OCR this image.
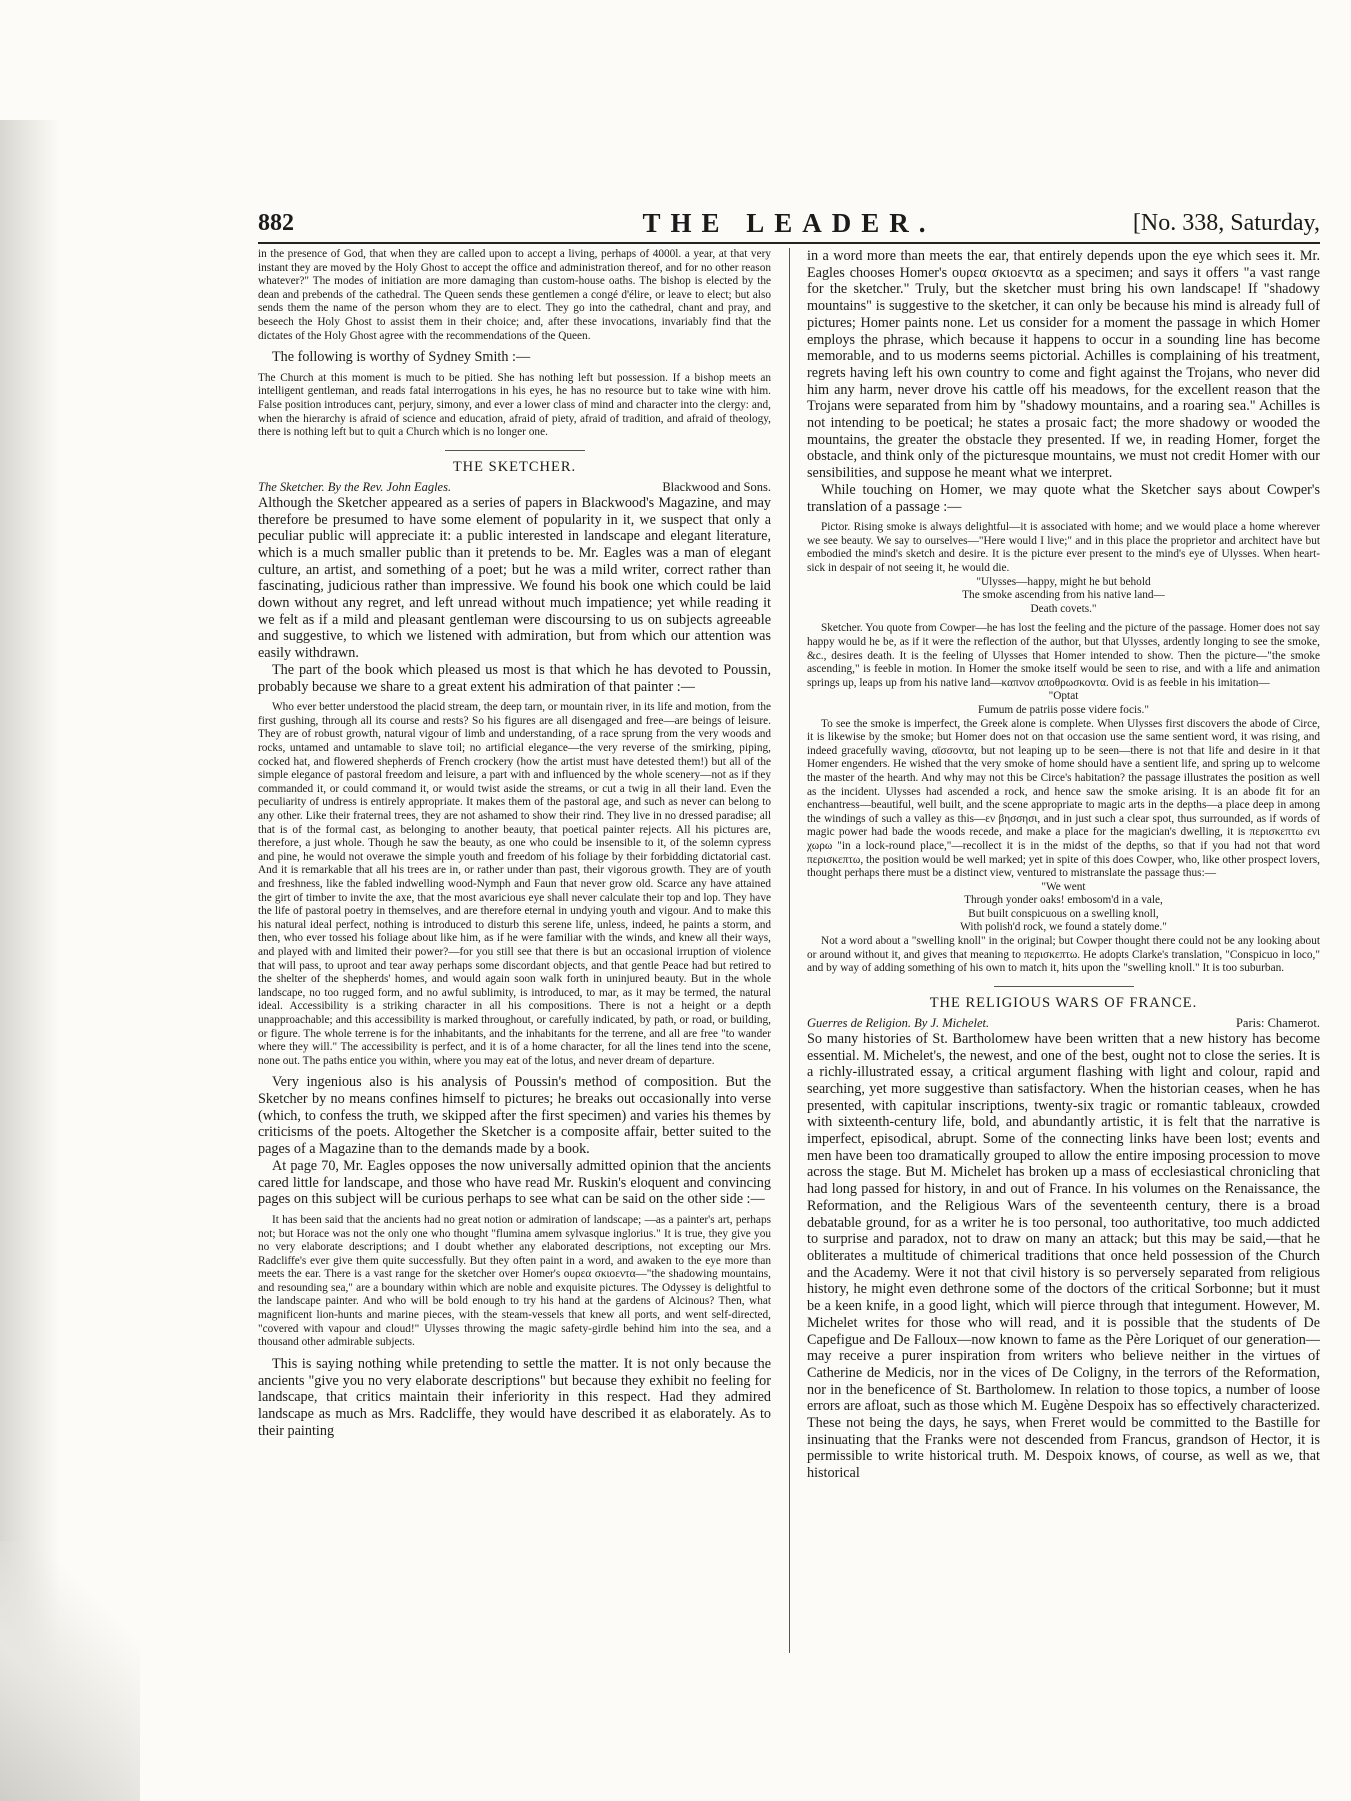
882	THE LEADER.	[No. 338, Saturday,

in the presence of God, that when they are called upon to accept a living, perhaps of 4000l. a year, at that very instant they are moved by the Holy Ghost to accept the office and administration thereof, and for no other reason whatever?" The modes of initiation are more damaging than custom-house oaths. The bishop is elected by the dean and prebends of the cathedral. The Queen sends these gentlemen a congé d'élire, or leave to elect; but also sends them the name of the person whom they are to elect. They go into the cathedral, chant and pray, and beseech the Holy Ghost to assist them in their choice; and, after these invocations, invariably find that the dictates of the Holy Ghost agree with the recommendations of the Queen.

The following is worthy of Sydney Smith :—

The Church at this moment is much to be pitied. She has nothing left but possession. If a bishop meets an intelligent gentleman, and reads fatal interrogations in his eyes, he has no resource but to take wine with him. False position introduces cant, perjury, simony, and ever a lower class of mind and character into the clergy: and, when the hierarchy is afraid of science and education, afraid of piety, afraid of tradition, and afraid of theology, there is nothing left but to quit a Church which is no longer one.

THE SKETCHER.
The Sketcher. By the Rev. John Eagles.	Blackwood and Sons.

Although the Sketcher appeared as a series of papers in Blackwood's Magazine, and may therefore be presumed to have some element of popularity in it, we suspect that only a peculiar public will appreciate it: a public interested in landscape and elegant literature, which is a much smaller public than it pretends to be. Mr. Eagles was a man of elegant culture, an artist, and something of a poet; but he was a mild writer, correct rather than fascinating, judicious rather than impressive. We found his book one which could be laid down without any regret, and left unread without much impatience; yet while reading it we felt as if a mild and pleasant gentleman were discoursing to us on subjects agreeable and suggestive, to which we listened with admiration, but from which our attention was easily withdrawn.

The part of the book which pleased us most is that which he has devoted to Poussin, probably because we share to a great extent his admiration of that painter :—

Who ever better understood the placid stream, the deep tarn, or mountain river, in its life and motion, from the first gushing, through all its course and rests? So his figures are all disengaged and free—are beings of leisure. They are of robust growth, natural vigour of limb and understanding, of a race sprung from the very woods and rocks, untamed and untamable to slave toil; no artificial elegance—the very reverse of the smirking, piping, cocked hat, and flowered shepherds of French crockery (how the artist must have detested them!) but all of the simple elegance of pastoral freedom and leisure, a part with and influenced by the whole scenery—not as if they commanded it, or could command it, or would twist aside the streams, or cut a twig in all their land. Even the peculiarity of undress is entirely appropriate. It makes them of the pastoral age, and such as never can belong to any other. Like their fraternal trees, they are not ashamed to show their rind. They live in no dressed paradise; all that is of the formal cast, as belonging to another beauty, that poetical painter rejects. All his pictures are, therefore, a just whole. Though he saw the beauty, as one who could be insensible to it, of the solemn cypress and pine, he would not overawe the simple youth and freedom of his foliage by their forbidding dictatorial cast. And it is remarkable that all his trees are in, or rather under than past, their vigorous growth. They are of youth and freshness, like the fabled indwelling wood-Nymph and Faun that never grow old. Scarce any have attained the girt of timber to invite the axe, that the most avaricious eye shall never calculate their top and lop. They have the life of pastoral poetry in themselves, and are therefore eternal in undying youth and vigour. And to make this his natural ideal perfect, nothing is introduced to disturb this serene life, unless, indeed, he paints a storm, and then, who ever tossed his foliage about like him, as if he were familiar with the winds, and knew all their ways, and played with and limited their power?—for you still see that there is but an occasional irruption of violence that will pass, to uproot and tear away perhaps some discordant objects, and that gentle Peace had but retired to the shelter of the shepherds' homes, and would again soon walk forth in uninjured beauty. But in the whole landscape, no too rugged form, and no awful sublimity, is introduced, to mar, as it may be termed, the natural ideal. Accessibility is a striking character in all his compositions. There is not a height or a depth unapproachable; and this accessibility is marked throughout, or carefully indicated, by path, or road, or building, or figure. The whole terrene is for the inhabitants, and the inhabitants for the terrene, and all are free "to wander where they will." The accessibility is perfect, and it is of a home character, for all the lines tend into the scene, none out. The paths entice you within, where you may eat of the lotus, and never dream of departure.

Very ingenious also is his analysis of Poussin's method of composition. But the Sketcher by no means confines himself to pictures; he breaks out occasionally into verse (which, to confess the truth, we skipped after the first specimen) and varies his themes by criticisms of the poets. Altogether the Sketcher is a composite affair, better suited to the pages of a Magazine than to the demands made by a book.

At page 70, Mr. Eagles opposes the now universally admitted opinion that the ancients cared little for landscape, and those who have read Mr. Ruskin's eloquent and convincing pages on this subject will be curious perhaps to see what can be said on the other side :—

It has been said that the ancients had no great notion or admiration of landscape; —as a painter's art, perhaps not; but Horace was not the only one who thought "flumina amem sylvasque inglorius." It is true, they give you no very elaborate descriptions; and I doubt whether any elaborated descriptions, not excepting our Mrs. Radcliffe's ever give them quite successfully. But they often paint in a word, and awaken to the eye more than meets the ear. There is a vast range for the sketcher over Homer's ουρεα σκιοεντα—"the shadowing mountains, and resounding sea," are a boundary within which are noble and exquisite pictures. The Odyssey is delightful to the landscape painter. And who will be bold enough to try his hand at the gardens of Alcinous? Then, what magnificent lion-hunts and marine pieces, with the steam-vessels that knew all ports, and went self-directed, "covered with vapour and cloud!" Ulysses throwing the magic safety-girdle behind him into the sea, and a thousand other admirable subjects.

This is saying nothing while pretending to settle the matter. It is not only because the ancients "give you no very elaborate descriptions" but because they exhibit no feeling for landscape, that critics maintain their inferiority in this respect. Had they admired landscape as much as Mrs. Radcliffe, they would have described it as elaborately. As to their painting

in a word more than meets the ear, that entirely depends upon the eye which sees it. Mr. Eagles chooses Homer's ουρεα σκιοεντα as a specimen; and says it offers "a vast range for the sketcher." Truly, but the sketcher must bring his own landscape! If "shadowy mountains" is suggestive to the sketcher, it can only be because his mind is already full of pictures; Homer paints none. Let us consider for a moment the passage in which Homer employs the phrase, which because it happens to occur in a sounding line has become memorable, and to us moderns seems pictorial. Achilles is complaining of his treatment, regrets having left his own country to come and fight against the Trojans, who never did him any harm, never drove his cattle off his meadows, for the excellent reason that the Trojans were separated from him by "shadowy mountains, and a roaring sea." Achilles is not intending to be poetical; he states a prosaic fact; the more shadowy or wooded the mountains, the greater the obstacle they presented. If we, in reading Homer, forget the obstacle, and think only of the picturesque mountains, we must not credit Homer with our sensibilities, and suppose he meant what we interpret.

While touching on Homer, we may quote what the Sketcher says about Cowper's translation of a passage :—

Pictor. Rising smoke is always delightful—it is associated with home; and we would place a home wherever we see beauty. We say to ourselves—"Here would I live;" and in this place the proprietor and architect have but embodied the mind's sketch and desire. It is the picture ever present to the mind's eye of Ulysses. When heart-sick in despair of not seeing it, he would die.

"Ulysses—happy, might he but behold
The smoke ascending from his native land—
Death covets."

Sketcher. You quote from Cowper—he has lost the feeling and the picture of the passage. Homer does not say happy would he be, as if it were the reflection of the author, but that Ulysses, ardently longing to see the smoke, &c., desires death. It is the feeling of Ulysses that Homer intended to show. Then the picture—"the smoke ascending," is feeble in motion. In Homer the smoke itself would be seen to rise, and with a life and animation springs up, leaps up from his native land—καπνον αποθρωσκοντα. Ovid is as feeble in his imitation—

"Optat
Fumum de patriis posse videre focis."

To see the smoke is imperfect, the Greek alone is complete. When Ulysses first discovers the abode of Circe, it is likewise by the smoke; but Homer does not on that occasion use the same sentient word, it was rising, and indeed gracefully waving, αϊσσοντα, but not leaping up to be seen—there is not that life and desire in it that Homer engenders. He wished that the very smoke of home should have a sentient life, and spring up to welcome the master of the hearth. And why may not this be Circe's habitation? the passage illustrates the position as well as the incident. Ulysses had ascended a rock, and hence saw the smoke arising. It is an abode fit for an enchantress—beautiful, well built, and the scene appropriate to magic arts in the depths—a place deep in among the windings of such a valley as this—εν βησσησι, and in just such a clear spot, thus surrounded, as if words of magic power had bade the woods recede, and make a place for the magician's dwelling, it is περισκεπτω ενι χωρω "in a lock-round place,"—recollect it is in the midst of the depths, so that if you had not that word περισκεπτω, the position would be well marked; yet in spite of this does Cowper, who, like other prospect lovers, thought perhaps there must be a distinct view, ventured to mistranslate the passage thus:—

"We went
Through yonder oaks! embosom'd in a vale,
But built conspicuous on a swelling knoll,
With polish'd rock, we found a stately dome."

Not a word about a "swelling knoll" in the original; but Cowper thought there could not be any looking about or around without it, and gives that meaning to περισκεπτω. He adopts Clarke's translation, "Conspicuo in loco," and by way of adding something of his own to match it, hits upon the "swelling knoll." It is too suburban.

THE RELIGIOUS WARS OF FRANCE.
Guerres de Religion. By J. Michelet.	Paris: Chamerot.

So many histories of St. Bartholomew have been written that a new history has become essential. M. Michelet's, the newest, and one of the best, ought not to close the series. It is a richly-illustrated essay, a critical argument flashing with light and colour, rapid and searching, yet more suggestive than satisfactory. When the historian ceases, when he has presented, with capitular inscriptions, twenty-six tragic or romantic tableaux, crowded with sixteenth-century life, bold, and abundantly artistic, it is felt that the narrative is imperfect, episodical, abrupt. Some of the connecting links have been lost; events and men have been too dramatically grouped to allow the entire imposing procession to move across the stage. But M. Michelet has broken up a mass of ecclesiastical chronicling that had long passed for history, in and out of France. In his volumes on the Renaissance, the Reformation, and the Religious Wars of the seventeenth century, there is a broad debatable ground, for as a writer he is too personal, too authoritative, too much addicted to surprise and paradox, not to draw on many an attack; but this may be said,—that he obliterates a multitude of chimerical traditions that once held possession of the Church and the Academy. Were it not that civil history is so perversely separated from religious history, he might even dethrone some of the doctors of the critical Sorbonne; but it must be a keen knife, in a good light, which will pierce through that integument. However, M. Michelet writes for those who will read, and it is possible that the students of De Capefigue and De Falloux—now known to fame as the Père Loriquet of our generation—may receive a purer inspiration from writers who believe neither in the virtues of Catherine de Medicis, nor in the vices of De Coligny, in the terrors of the Reformation, nor in the beneficence of St. Bartholomew. In relation to those topics, a number of loose errors are afloat, such as those which M. Eugène Despoix has so effectively characterized. These not being the days, he says, when Freret would be committed to the Bastille for insinuating that the Franks were not descended from Francus, grandson of Hector, it is permissible to write historical truth. M. Despoix knows, of course, as well as we, that historical
